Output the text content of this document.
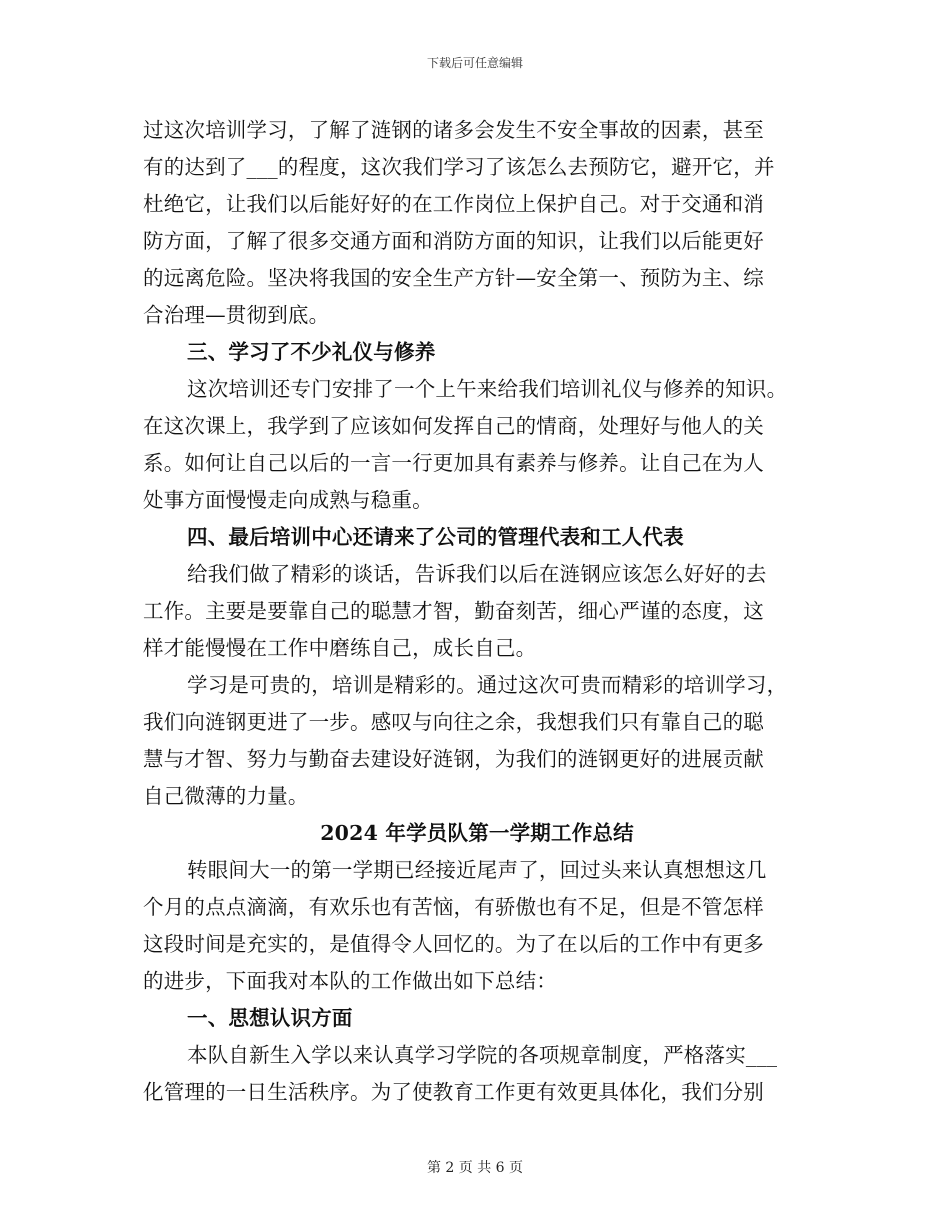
下载后可任意编辑
过这次培训学习，了解了涟钢的诸多会发生不安全事故的因素，甚至
有的达到了___的程度，这次我们学习了该怎么去预防它，避开它，并
杜绝它，让我们以后能好好的在工作岗位上保护自己。对于交通和消
防方面，了解了很多交通方面和消防方面的知识，让我们以后能更好
的远离危险。坚决将我国的安全生产方针—安全第一、预防为主、综
合治理—贯彻到底。
三、学习了不少礼仪与修养
这次培训还专门安排了一个上午来给我们培训礼仪与修养的知识。
在这次课上，我学到了应该如何发挥自己的情商，处理好与他人的关
系。如何让自己以后的一言一行更加具有素养与修养。让自己在为人
处事方面慢慢走向成熟与稳重。
四、最后培训中心还请来了公司的管理代表和工人代表
给我们做了精彩的谈话，告诉我们以后在涟钢应该怎么好好的去
工作。主要是要靠自己的聪慧才智，勤奋刻苦，细心严谨的态度，这
样才能慢慢在工作中磨练自己，成长自己。
学习是可贵的，培训是精彩的。通过这次可贵而精彩的培训学习，
我们向涟钢更进了一步。感叹与向往之余，我想我们只有靠自己的聪
慧与才智、努力与勤奋去建设好涟钢，为我们的涟钢更好的进展贡献
自己微薄的力量。
2024 年学员队第一学期工作总结
转眼间大一的第一学期已经接近尾声了，回过头来认真想想这几
个月的点点滴滴，有欢乐也有苦恼，有骄傲也有不足，但是不管怎样
这段时间是充实的，是值得令人回忆的。为了在以后的工作中有更多
的进步，下面我对本队的工作做出如下总结：
一、思想认识方面
本队自新生入学以来认真学习学院的各项规章制度，严格落实___
化管理的一日生活秩序。为了使教育工作更有效更具体化，我们分别
第 2 页 共 6 页
